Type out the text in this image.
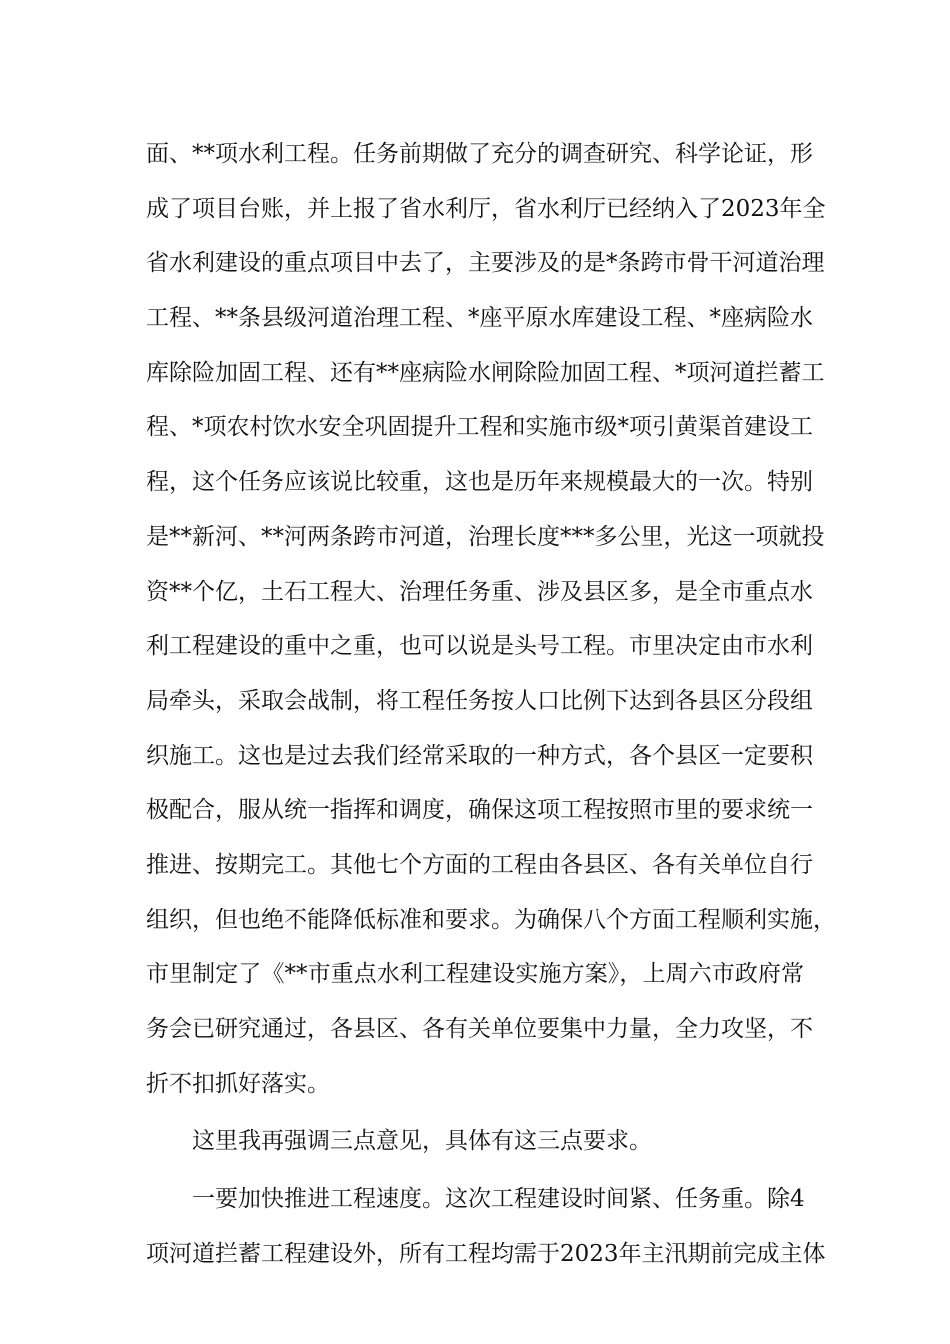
面、**项水利工程。任务前期做了充分的调查研究、科学论证，形
成了项目台账，并上报了省水利厅，省水利厅已经纳入了2023年全
省水利建设的重点项目中去了，主要涉及的是*条跨市骨干河道治理
工程、**条县级河道治理工程、*座平原水库建设工程、*座病险水
库除险加固工程、还有**座病险水闸除险加固工程、*项河道拦蓄工
程、*项农村饮水安全巩固提升工程和实施市级*项引黄渠首建设工
程，这个任务应该说比较重，这也是历年来规模最大的一次。特别
是**新河、**河两条跨市河道，治理长度***多公里，光这一项就投
资**个亿，土石工程大、治理任务重、涉及县区多，是全市重点水
利工程建设的重中之重，也可以说是头号工程。市里决定由市水利
局牵头，采取会战制，将工程任务按人口比例下达到各县区分段组
织施工。这也是过去我们经常采取的一种方式，各个县区一定要积
极配合，服从统一指挥和调度，确保这项工程按照市里的要求统一
推进、按期完工。其他七个方面的工程由各县区、各有关单位自行
组织，但也绝不能降低标准和要求。为确保八个方面工程顺利实施，
市里制定了《**市重点水利工程建设实施方案》，上周六市政府常
务会已研究通过，各县区、各有关单位要集中力量，全力攻坚，不
折不扣抓好落实。
这里我再强调三点意见，具体有这三点要求。
一要加快推进工程速度。这次工程建设时间紧、任务重。除4
项河道拦蓄工程建设外，所有工程均需于2023年主汛期前完成主体
